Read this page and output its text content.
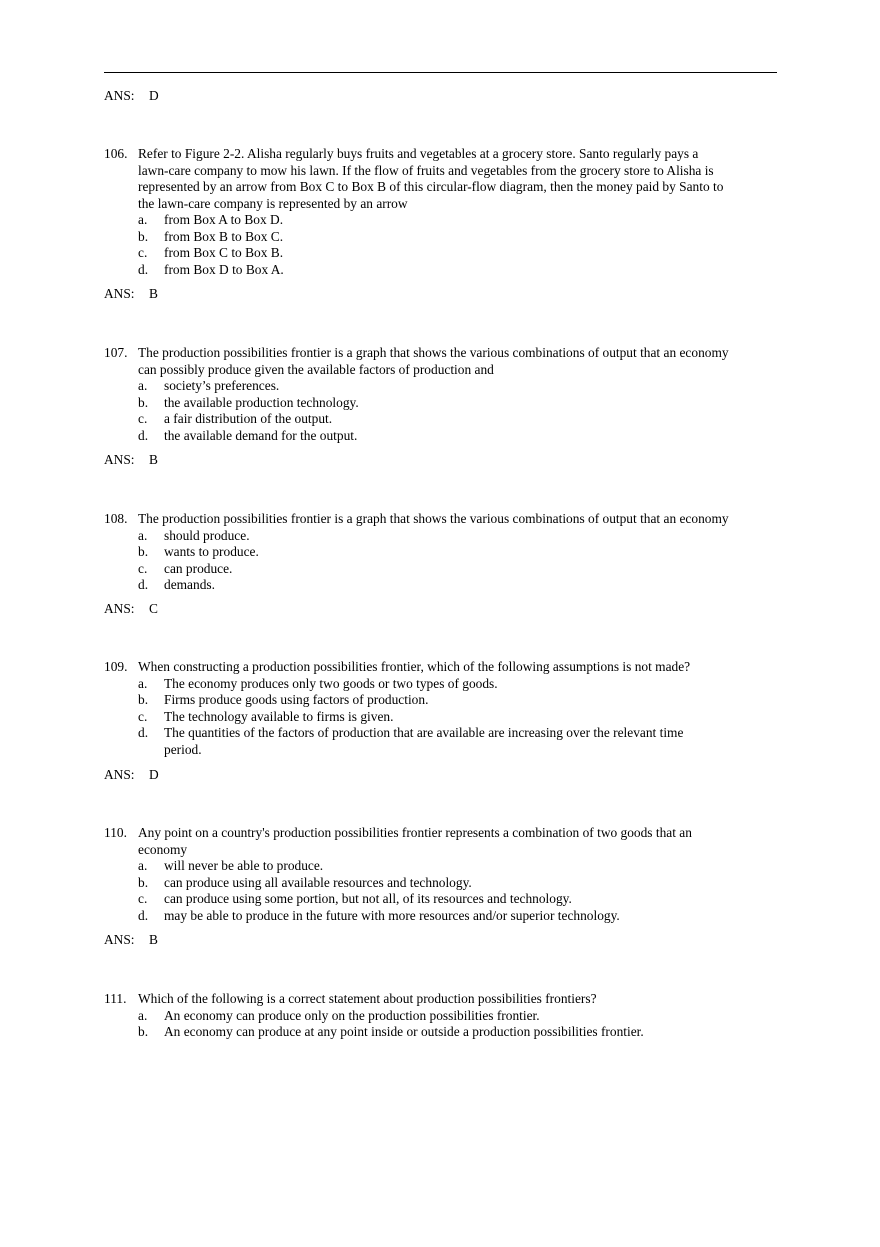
ANS: D
106. Refer to Figure 2-2. Alisha regularly buys fruits and vegetables at a grocery store. Santo regularly pays a
lawn-care company to mow his lawn. If the flow of fruits and vegetables from the grocery store to Alisha is
represented by an arrow from Box C to Box B of this circular-flow diagram, then the money paid by Santo to
the lawn-care company is represented by an arrow
a. from Box A to Box D.
b. from Box B to Box C.
c. from Box C to Box B.
d. from Box D to Box A.
ANS: B
107. The production possibilities frontier is a graph that shows the various combinations of output that an economy
can possibly produce given the available factors of production and
a. society’s preferences.
b. the available production technology.
c. a fair distribution of the output.
d. the available demand for the output.
ANS: B
108. The production possibilities frontier is a graph that shows the various combinations of output that an economy
a. should produce.
b. wants to produce.
c. can produce.
d. demands.
ANS: C
109. When constructing a production possibilities frontier, which of the following assumptions is not made?
a. The economy produces only two goods or two types of goods.
b. Firms produce goods using factors of production.
c. The technology available to firms is given.
d. The quantities of the factors of production that are available are increasing over the relevant time period.
ANS: D
110. Any point on a country's production possibilities frontier represents a combination of two goods that an
economy
a. will never be able to produce.
b. can produce using all available resources and technology.
c. can produce using some portion, but not all, of its resources and technology.
d. may be able to produce in the future with more resources and/or superior technology.
ANS: B
111. Which of the following is a correct statement about production possibilities frontiers?
a. An economy can produce only on the production possibilities frontier.
b. An economy can produce at any point inside or outside a production possibilities frontier.
